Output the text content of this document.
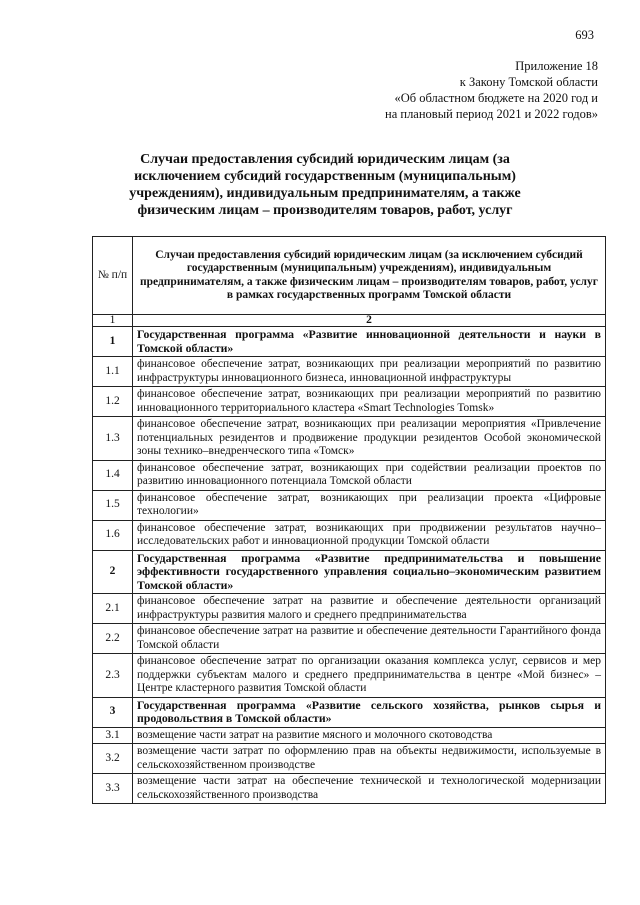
693
Приложение 18
к Закону Томской области
«Об областном бюджете на 2020 год и
на плановый период 2021 и 2022 годов»
Случаи предоставления субсидий юридическим лицам (за исключением субсидий государственным (муниципальным) учреждениям), индивидуальным предпринимателям, а также физическим лицам – производителям товаров, работ, услуг
№ п/п	Случаи предоставления субсидий юридическим лицам (за исключением субсидий государственным (муниципальным) учреждениям), индивидуальным предпринимателям, а также физическим лицам – производителям товаров, работ, услуг в рамках государственных программ Томской области
1	2
1	Государственная программа «Развитие инновационной деятельности и науки в Томской области»
1.1	финансовое обеспечение затрат, возникающих при реализации мероприятий по развитию инфраструктуры инновационного бизнеса, инновационной инфраструктуры
1.2	финансовое обеспечение затрат, возникающих при реализации мероприятий по развитию инновационного территориального кластера «Smart Technologies Tomsk»
1.3	финансовое обеспечение затрат, возникающих при реализации мероприятия «Привлечение потенциальных резидентов и продвижение продукции резидентов Особой экономической зоны технико–внедренческого типа «Томск»
1.4	финансовое обеспечение затрат, возникающих при содействии реализации проектов по развитию инновационного потенциала Томской области
1.5	финансовое обеспечение затрат, возникающих при реализации проекта «Цифровые технологии»
1.6	финансовое обеспечение затрат, возникающих при продвижении результатов научно–исследовательских работ и инновационной продукции Томской области
2	Государственная программа «Развитие предпринимательства и повышение эффективности государственного управления социально–экономическим развитием Томской области»
2.1	финансовое обеспечение затрат на развитие и обеспечение деятельности организаций инфраструктуры развития малого и среднего предпринимательства
2.2	финансовое обеспечение затрат на развитие и обеспечение деятельности Гарантийного фонда Томской области
2.3	финансовое обеспечение затрат по организации оказания комплекса услуг, сервисов и мер поддержки субъектам малого и среднего предпринимательства в центре «Мой бизнес» – Центре кластерного развития Томской области
3	Государственная программа «Развитие сельского хозяйства, рынков сырья и продовольствия в Томской области»
3.1	возмещение части затрат на развитие мясного и молочного скотоводства
3.2	возмещение части затрат по оформлению прав на объекты недвижимости, используемые в сельскохозяйственном производстве
3.3	возмещение части затрат на обеспечение технической и технологической модернизации сельскохозяйственного производства
